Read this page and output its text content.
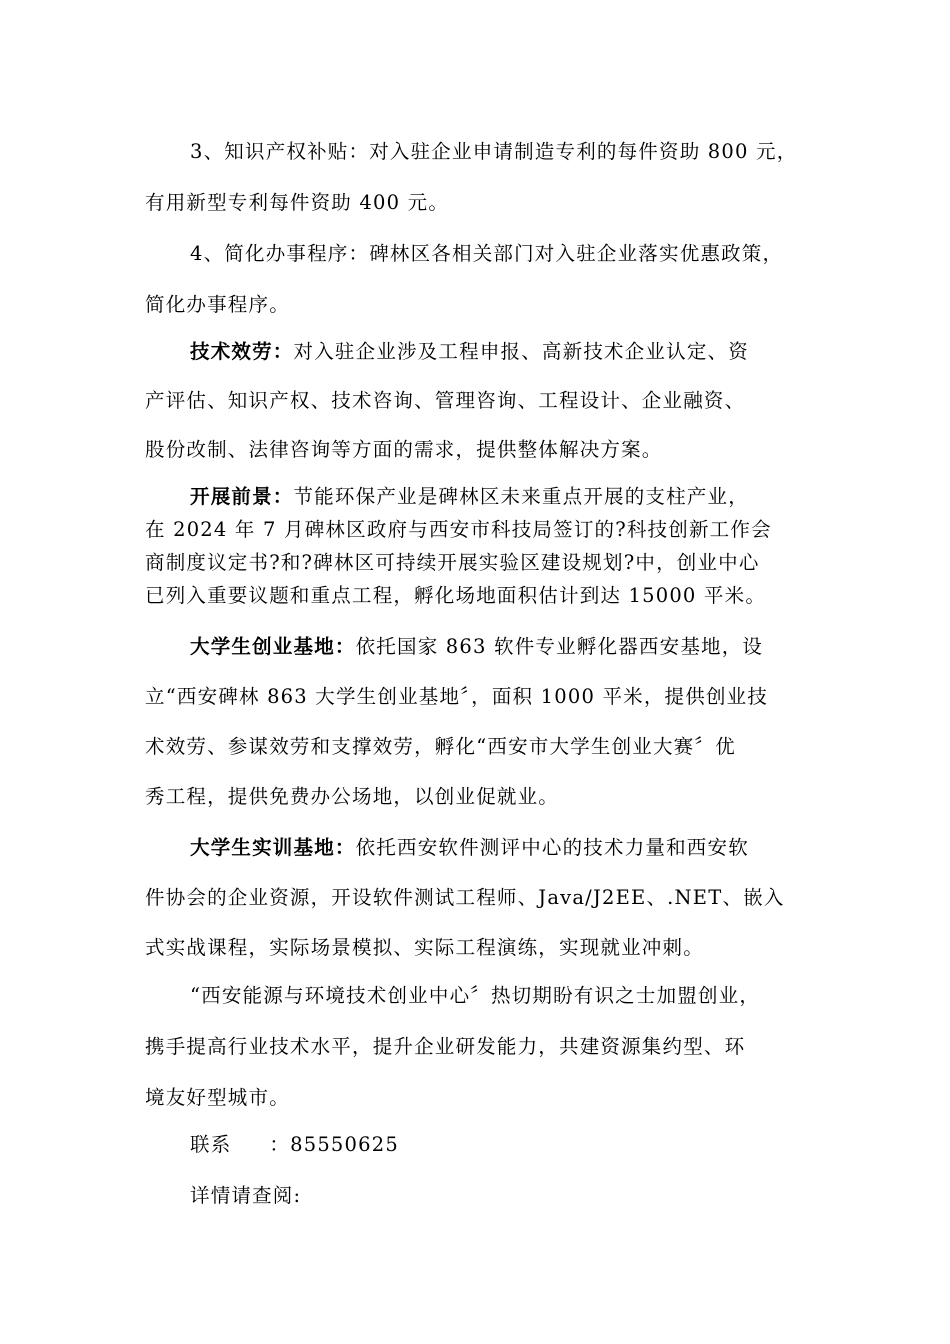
3、知识产权补贴：对入驻企业申请制造专利的每件资助 800 元，
有用新型专利每件资助 400 元。
4、简化办事程序：碑林区各相关部门对入驻企业落实优惠政策，
简化办事程序。
技术效劳：对入驻企业涉及工程申报、高新技术企业认定、资
产评估、知识产权、技术咨询、管理咨询、工程设计、企业融资、
股份改制、法律咨询等方面的需求，提供整体解决方案。
开展前景：节能环保产业是碑林区未来重点开展的支柱产业，
在 2024 年 7 月碑林区政府与西安市科技局签订的?科技创新工作会
商制度议定书?和?碑林区可持续开展实验区建设规划?中，创业中心
已列入重要议题和重点工程，孵化场地面积估计到达 15000 平米。
大学生创业基地：依托国家 863 软件专业孵化器西安基地，设
立“西安碑林 863 大学生创业基地〞，面积 1000 平米，提供创业技
术效劳、参谋效劳和支撑效劳，孵化“西安市大学生创业大赛〞优
秀工程，提供免费办公场地，以创业促就业。
大学生实训基地：依托西安软件测评中心的技术力量和西安软
件协会的企业资源，开设软件测试工程师、Java/J2EE、.NET、嵌入
式实战课程，实际场景模拟、实际工程演练，实现就业冲刺。
“西安能源与环境技术创业中心〞热切期盼有识之士加盟创业，
携手提高行业技术水平，提升企业研发能力，共建资源集约型、环
境友好型城市。
联系 ：85550625
详情请查阅:
